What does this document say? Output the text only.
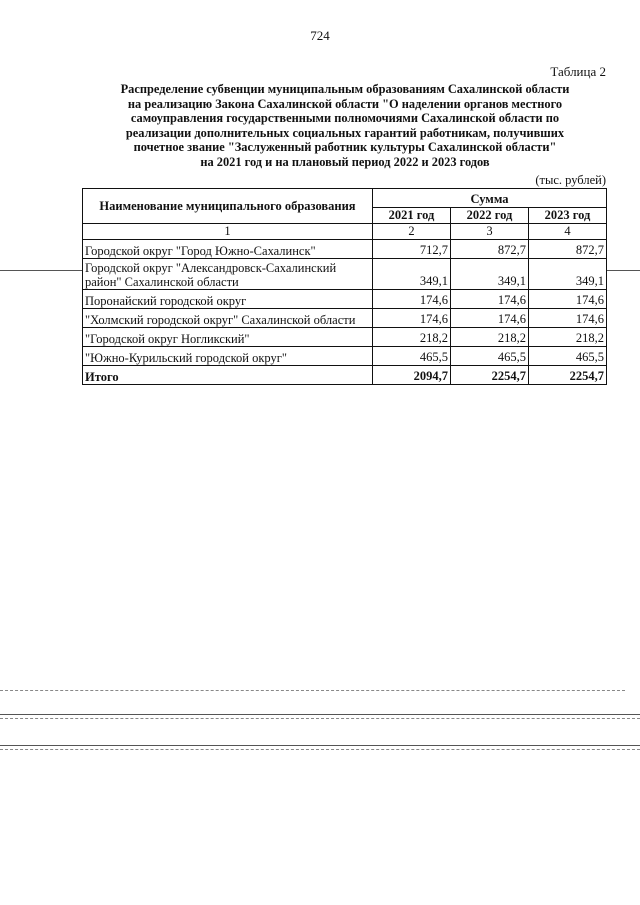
724
Таблица 2
Распределение субвенции муниципальным образованиям Сахалинской области
на реализацию Закона Сахалинской области "О наделении органов местного
самоуправления государственными полномочиями Сахалинской области по
реализации дополнительных социальных гарантий работникам, получивших
почетное звание "Заслуженный работник культуры Сахалинской области"
на 2021 год и на плановый период 2022 и 2023 годов
(тыс. рублей)
Наименование муниципального образования	Сумма		
	2021 год	2022 год	2023 год
1	2	3	4
Городской округ "Город Южно-Сахалинск"	712,7	872,7	872,7

Городской округ "Александровск-Сахалинский
район" Сахалинской области	349,1	349,1	349,1
Поронайский городской округ	174,6	174,6	174,6
"Холмский городской округ" Сахалинской области	174,6	174,6	174,6
"Городской округ Ногликский"	218,2	218,2	218,2
"Южно-Курильский городской округ"	465,5	465,5	465,5
Итого	2094,7	2254,7	2254,7
